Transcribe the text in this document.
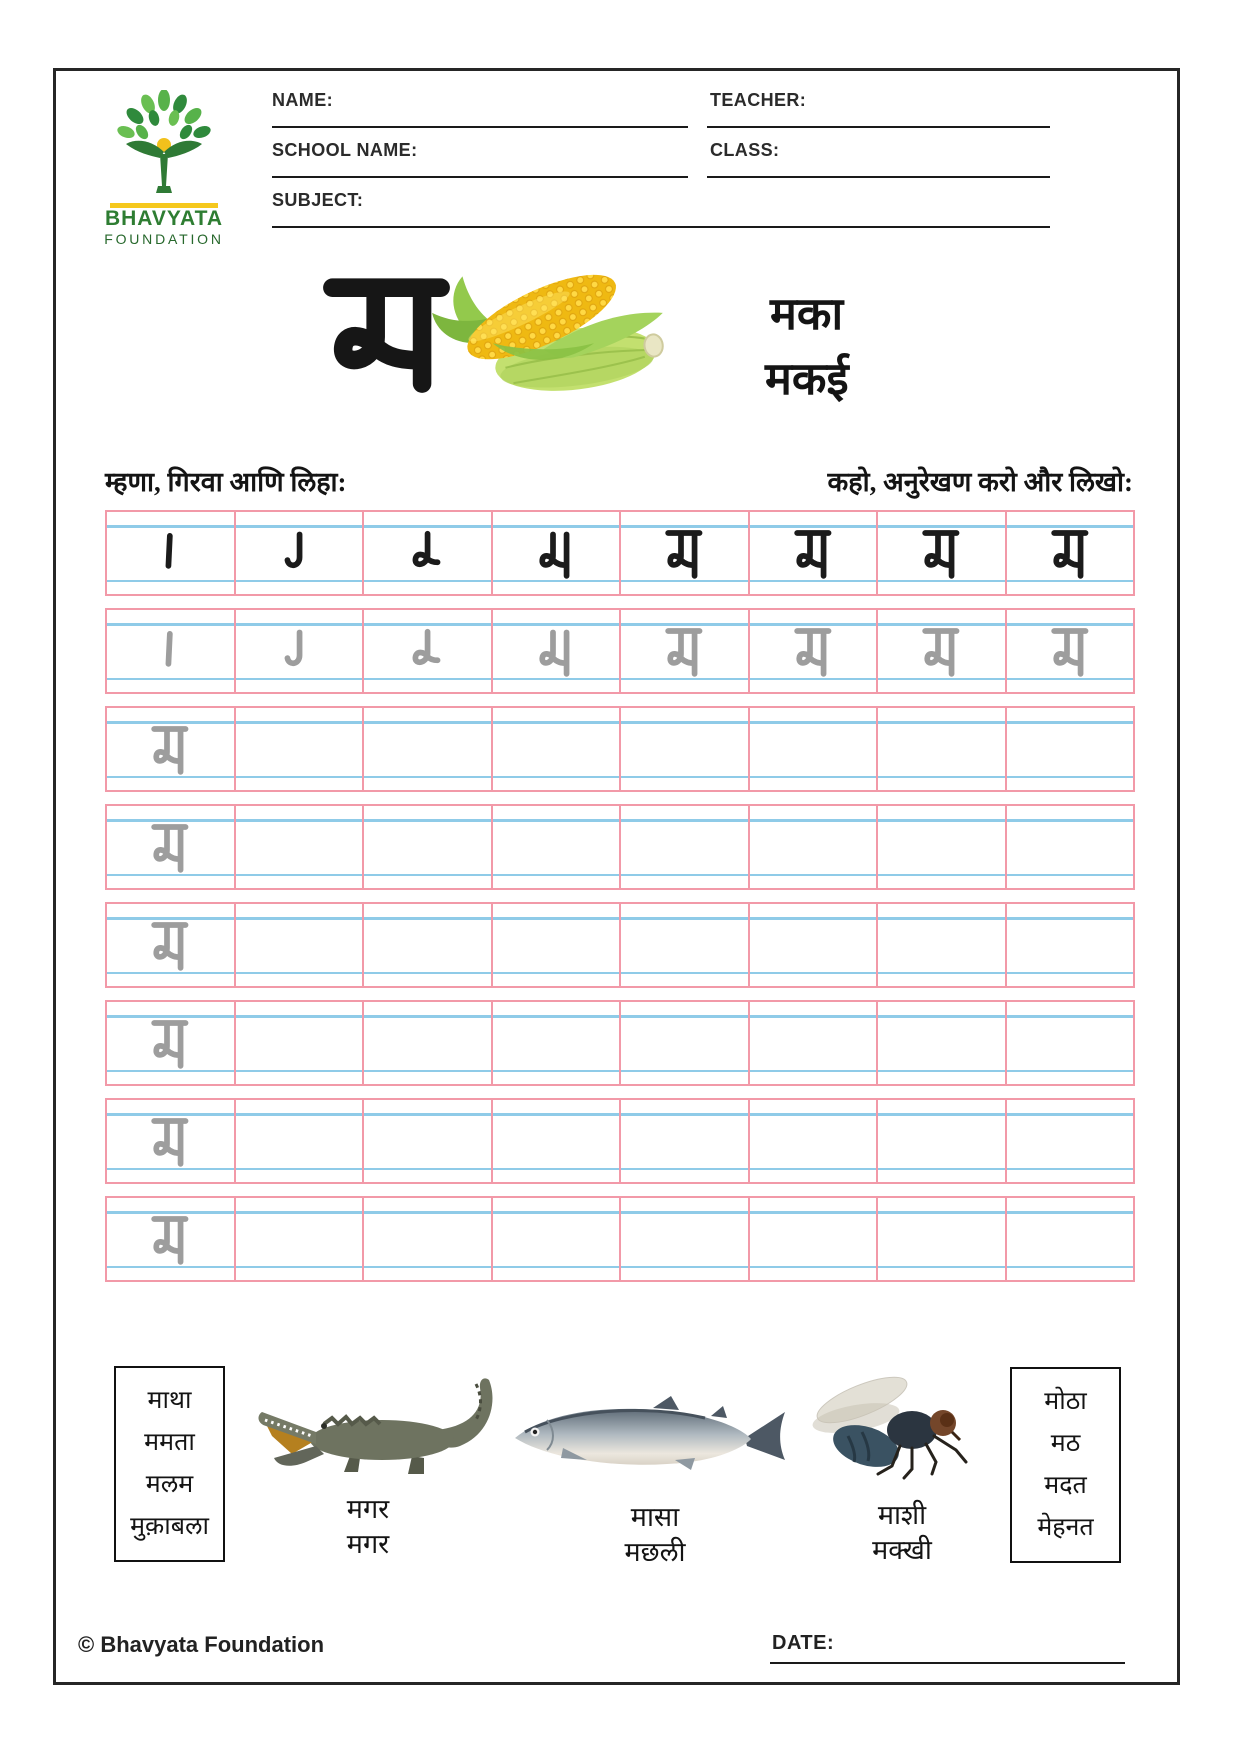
BHAVYATA
FOUNDATION
NAME:
SCHOOL NAME:
SUBJECT:
TEACHER:
CLASS:
मका
मकई
म्हणा, गिरवा आणि लिहा:	कहो, अनुरेखण करो और लिखो:
माथा
ममता
मलम
मुक़ाबला
मगर
मगर
मासा
मछली
माशी
मक्खी
मोठा
मठ
मदत
मेहनत
© Bhavyata Foundation	DATE:
